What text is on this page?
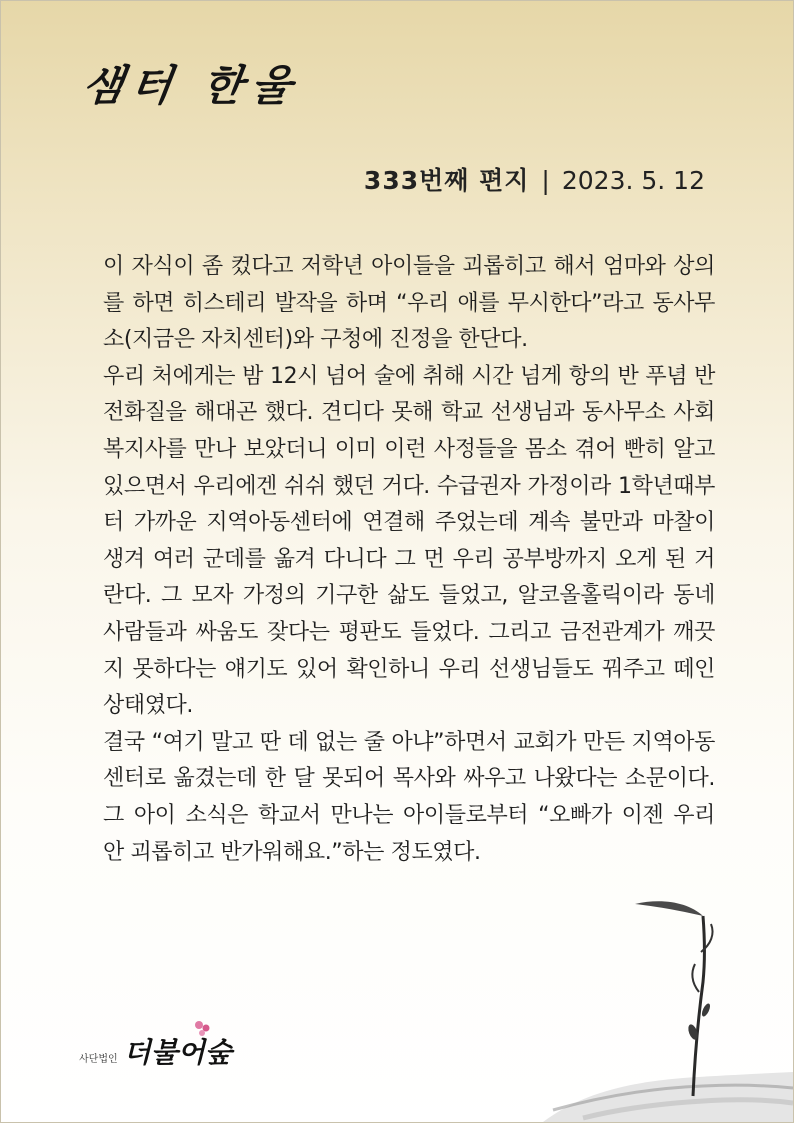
샘터 한울
333번째 편지 | 2023. 5. 12

이 자식이 좀 컸다고 저학년 아이들을 괴롭히고 해서 엄마와 상의를 하면 히스테리 발작을 하며 “우리 애를 무시한다”라고 동사무소(지금은 자치센터)와 구청에 진정을 한단다.

우리 처에게는 밤 12시 넘어 술에 취해 시간 넘게 항의 반 푸념 반 전화질을 해대곤 했다. 견디다 못해 학교 선생님과 동사무소 사회복지사를 만나 보았더니 이미 이런 사정들을 몸소 겪어 빤히 알고 있으면서 우리에겐 쉬쉬 했던 거다. 수급권자 가정이라 1학년때부터 가까운 지역아동센터에 연결해 주었는데 계속 불만과 마찰이 생겨 여러 군데를 옮겨 다니다 그 먼 우리 공부방까지 오게 된 거란다. 그 모자 가정의 기구한 삶도 들었고, 알코올홀릭이라 동네 사람들과 싸움도 잦다는 평판도 들었다. 그리고 금전관계가 깨끗지 못하다는 얘기도 있어 확인하니 우리 선생님들도 꿔주고 떼인 상태였다.

결국 “여기 말고 딴 데 없는 줄 아냐”하면서 교회가 만든 지역아동센터로 옮겼는데 한 달 못되어 목사와 싸우고 나왔다는 소문이다. 그 아이 소식은 학교서 만나는 아이들로부터 “오빠가 이젠 우리 안 괴롭히고 반가워해요.”하는 정도였다.

사단법인 더불어숲
